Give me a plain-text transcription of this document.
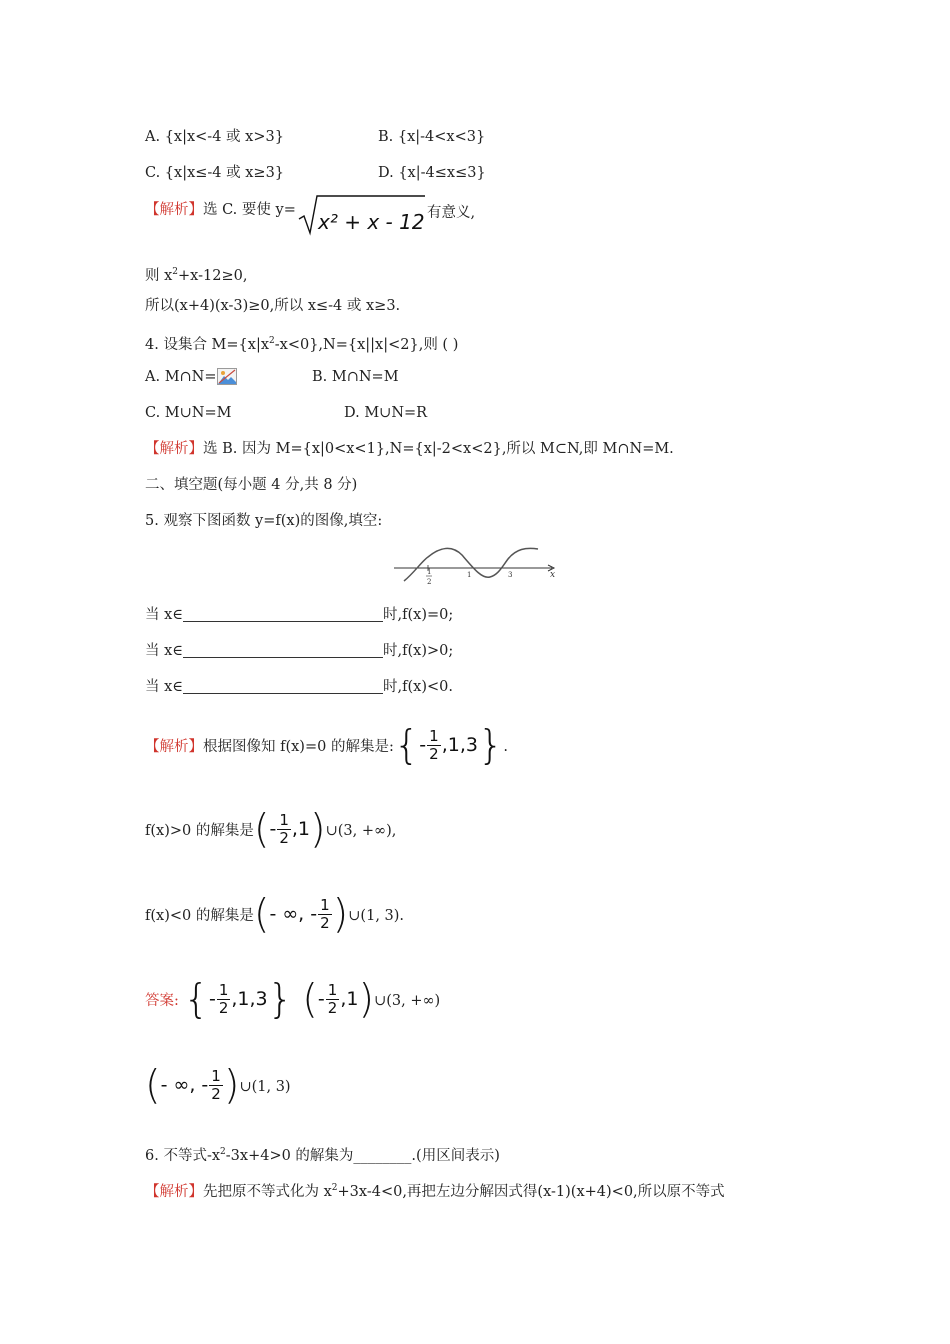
A. {x|x<-4 或 x>3}	B. {x|-4<x<3}
C. {x|x≤-4 或 x≥3}	D. {x|-4≤x≤3}
【解析】选 C. 要使 y= x² + x - 12 有意义,
则 $x^2+x-12\ge 0$,
所以(x+4)(x-3)≥0,所以 x≤-4 或 x≥3.
4. 设集合 $M=\{x|x^2-x<0\},N=\{x||x|<2\}$,则 ( )
A. M∩N=	B. M∩N=M
C. M∪N=M	D. M∪N=R
【解析】选 B. 因为 M={x|0<x<1},N={x|-2<x<2},所以 M⊂N,即 M∩N=M.
二、填空题(每小题 4 分,共 8 分)
5. 观察下图函数 y=f(x)的图像,填空:
x
1
2
1	3
当 x∈	时,f(x)=0;
当 x∈	时,f(x)>0;
当 x∈	时,f(x)<0.
【解析】根据图像知 f(x)=0 的解集是:{- $\frac{1}{2} ,1,3$}.
f(x)>0 的解集是(- $\frac{1}{2}$ ,1)∪(3, +∞),
f(x)<0 的解集是(- ∞, - $\frac{1}{2}$ )∪(1, 3).
答案: {- $\frac{1}{2} ,1,3$} (- $\frac{1}{2}$ ,1)∪(3, +∞)
(- ∞, - $\frac{1}{2}$ )∪(1, 3)
6. 不等式$-x^2-3x+4>0$ 的解集为________.(用区间表示)
【解析】先把原不等式化为 $x^2+3x-4<0$,再把左边分解因式得(x-1)(x+4)<0,所以原不等式
